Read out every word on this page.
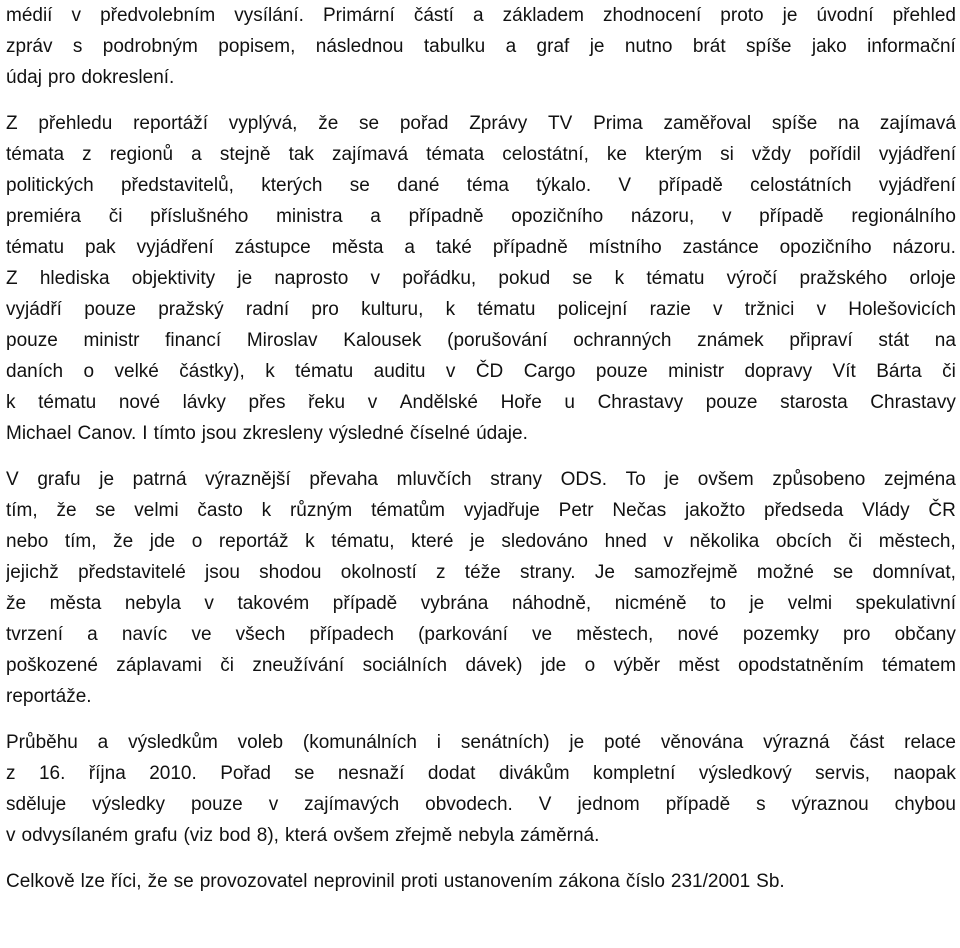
médií v předvolebním vysílání. Primární částí a základem zhodnocení proto je úvodní přehled
zpráv s podrobným popisem, následnou tabulku a graf je nutno brát spíše jako informační
údaj pro dokreslení.
Z přehledu reportáží vyplývá, že se pořad Zprávy TV Prima zaměřoval spíše na zajímavá
témata z regionů a stejně tak zajímavá témata celostátní, ke kterým si vždy pořídil vyjádření
politických představitelů, kterých se dané téma týkalo. V případě celostátních vyjádření
premiéra či příslušného ministra a případně opozičního názoru, v případě regionálního
tématu pak vyjádření zástupce města a také případně místního zastánce opozičního názoru.
Z hlediska objektivity je naprosto v pořádku, pokud se k tématu výročí pražského orloje
vyjádří pouze pražský radní pro kulturu, k tématu policejní razie v tržnici v Holešovicích
pouze ministr financí Miroslav Kalousek (porušování ochranných známek připraví stát na
daních o velké částky), k tématu auditu v ČD Cargo pouze ministr dopravy Vít Bárta či
k tématu nové lávky přes řeku v Andělské Hoře u Chrastavy pouze starosta Chrastavy
Michael Canov. I tímto jsou zkresleny výsledné číselné údaje.
V grafu je patrná výraznější převaha mluvčích strany ODS. To je ovšem způsobeno zejména
tím, že se velmi často k různým tématům vyjadřuje Petr Nečas jakožto předseda Vlády ČR
nebo tím, že jde o reportáž k tématu, které je sledováno hned v několika obcích či městech,
jejichž představitelé jsou shodou okolností z téže strany. Je samozřejmě možné se domnívat,
že města nebyla v takovém případě vybrána náhodně, nicméně to je velmi spekulativní
tvrzení a navíc ve všech případech (parkování ve městech, nové pozemky pro občany
poškozené záplavami či zneužívání sociálních dávek) jde o výběr měst opodstatněním tématem
reportáže.
Průběhu a výsledkům voleb (komunálních i senátních) je poté věnována výrazná část relace
z 16. října 2010. Pořad se nesnaží dodat divákům kompletní výsledkový servis, naopak
sděluje výsledky pouze v zajímavých obvodech. V jednom případě s výraznou chybou
v odvysílaném grafu (viz bod 8), která ovšem zřejmě nebyla záměrná.
Celkově lze říci, že se provozovatel neprovinil proti ustanovením zákona číslo 231/2001 Sb.
